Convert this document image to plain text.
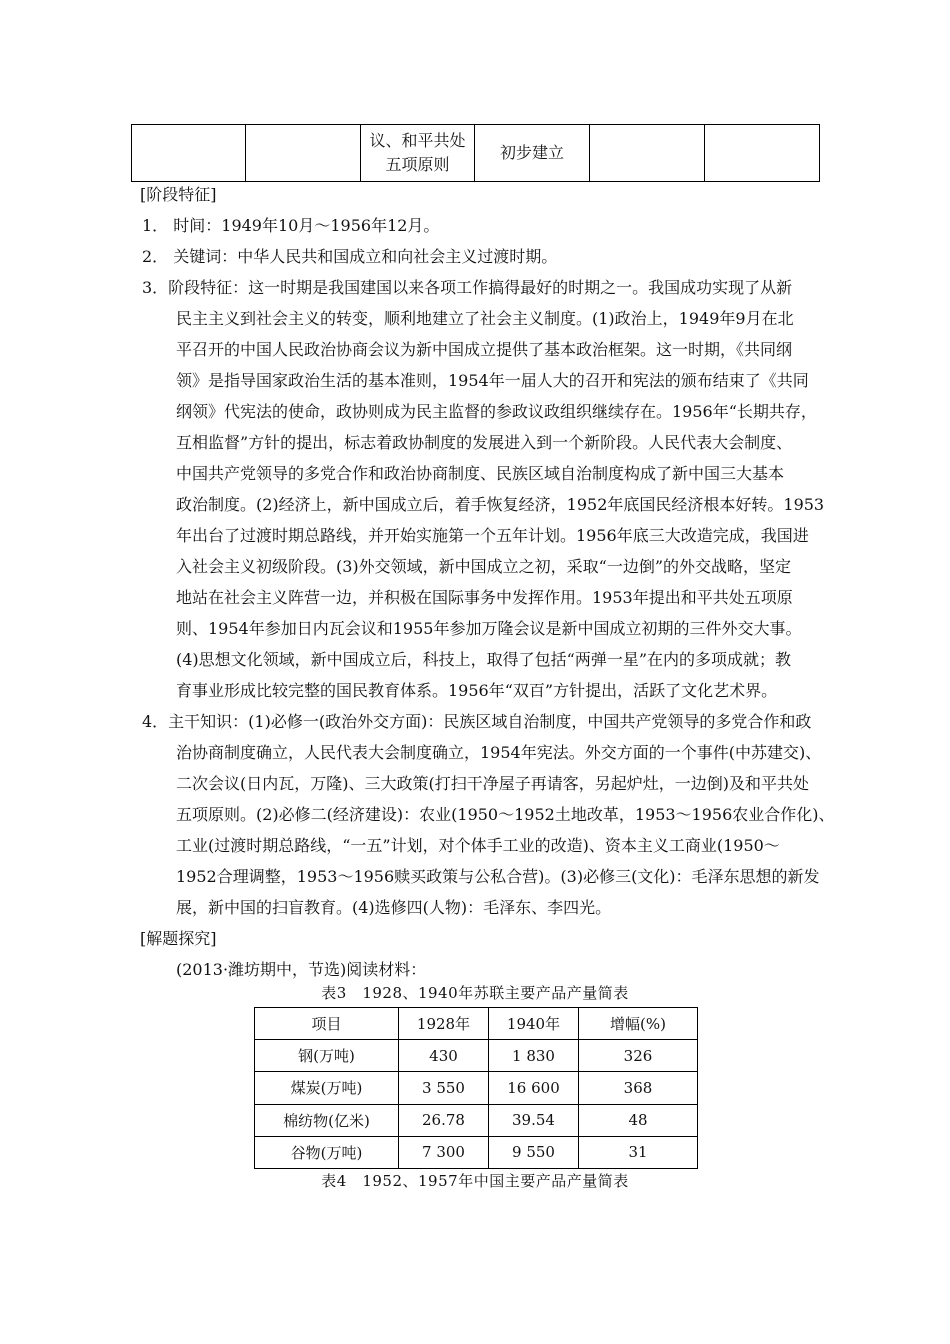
		议、和平共处
五项原则	初步建立		
[阶段特征]
1． 时间：1949年10月～1956年12月。
2． 关键词：中华人民共和国成立和向社会主义过渡时期。
3．阶段特征：这一时期是我国建国以来各项工作搞得最好的时期之一。我国成功实现了从新
民主主义到社会主义的转变，顺利地建立了社会主义制度。(1)政治上，1949年9月在北
平召开的中国人民政治协商会议为新中国成立提供了基本政治框架。这一时期，《共同纲
领》是指导国家政治生活的基本准则，1954年一届人大的召开和宪法的颁布结束了《共同
纲领》代宪法的使命，政协则成为民主监督的参政议政组织继续存在。1956年“长期共存，
互相监督”方针的提出，标志着政协制度的发展进入到一个新阶段。人民代表大会制度、
中国共产党领导的多党合作和政治协商制度、民族区域自治制度构成了新中国三大基本
政治制度。(2)经济上，新中国成立后，着手恢复经济，1952年底国民经济根本好转。1953
年出台了过渡时期总路线，并开始实施第一个五年计划。1956年底三大改造完成，我国进
入社会主义初级阶段。(3)外交领域，新中国成立之初，采取“一边倒”的外交战略，坚定
地站在社会主义阵营一边，并积极在国际事务中发挥作用。1953年提出和平共处五项原
则、1954年参加日内瓦会议和1955年参加万隆会议是新中国成立初期的三件外交大事。
(4)思想文化领域，新中国成立后，科技上，取得了包括“两弹一星”在内的多项成就；教
育事业形成比较完整的国民教育体系。1956年“双百”方针提出，活跃了文化艺术界。
4．主干知识：(1)必修一(政治外交方面)：民族区域自治制度，中国共产党领导的多党合作和政
治协商制度确立，人民代表大会制度确立，1954年宪法。外交方面的一个事件(中苏建交)、
二次会议(日内瓦，万隆)、三大政策(打扫干净屋子再请客，另起炉灶，一边倒)及和平共处
五项原则。(2)必修二(经济建设)：农业(1950～1952土地改革，1953～1956农业合作化)、
工业(过渡时期总路线，“一五”计划，对个体手工业的改造)、资本主义工商业(1950～
1952合理调整，1953～1956赎买政策与公私合营)。(3)必修三(文化)：毛泽东思想的新发
展，新中国的扫盲教育。(4)选修四(人物)：毛泽东、李四光。
[解题探究]
(2013·潍坊期中，节选)阅读材料：
表3　1928、1940年苏联主要产品产量简表
项目	1928年	1940年	增幅(%)
钢(万吨)	430	1 830	326
煤炭(万吨)	3 550	16 600	368
棉纺物(亿米)	26.78	39.54	48
谷物(万吨)	7 300	9 550	31
表4　1952、1957年中国主要产品产量简表
